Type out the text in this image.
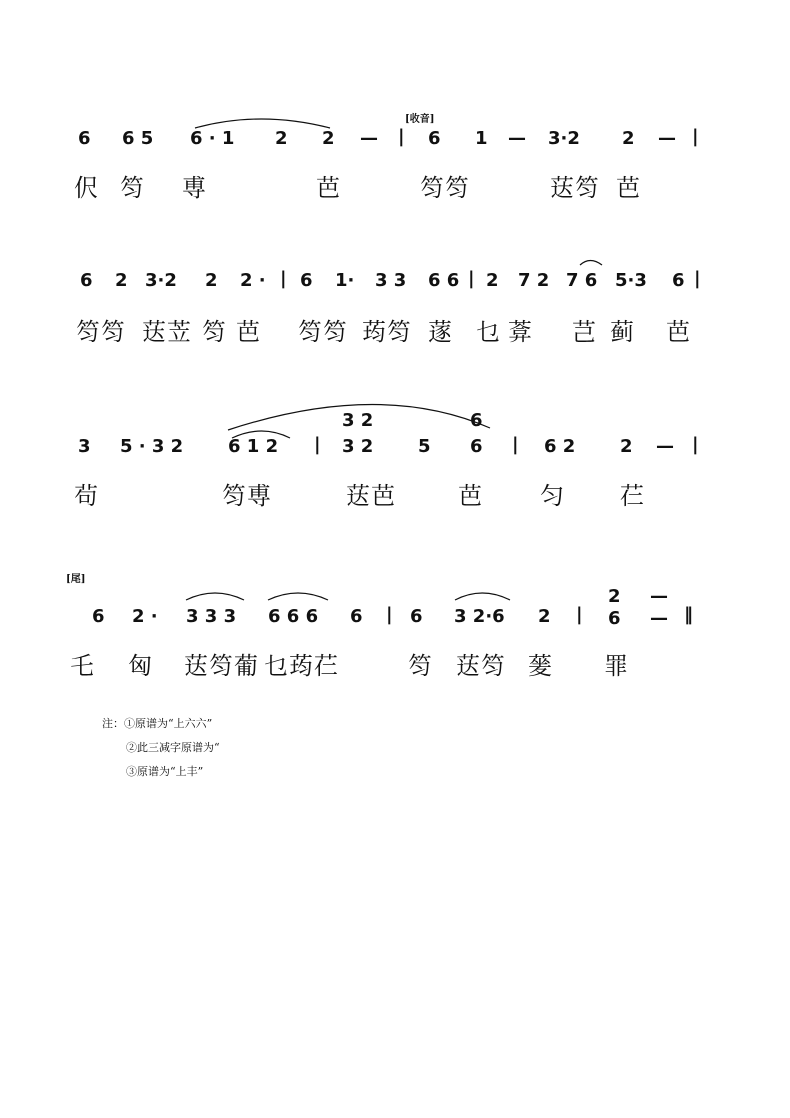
[收音]
6 6 5 6 · 1 2 2 — | 6 1 — 3·2 2 — |
伬 笉 尃	芭	笉笉	荙笉 芭
6 2 3·2 2 2 · | 6 1· 3 3 6 6 | 2 7 2 7 6 5·3 6 |
笉笉 荙苙 笉 芭 笉笉 荺笉 蓫 乜 葊 芑 蓟 芭
3 2	6
3 5 · 3 2 6 1 2 | 3 2 5 6 | 6 2 2 — |
茍	笉尃	荙芭	芭 匀 芢
[尾]
2 —
6 2 · 3 3 3 6 6 6 6 | 6 3 2·6 2 | 6 — ‖
乇 匈 荙笉葡 乜荺芢	笉 荙笉 蓌 罪
注：①原谱为“上六六”
②此三减字原谱为“
③原谱为“上丰”
